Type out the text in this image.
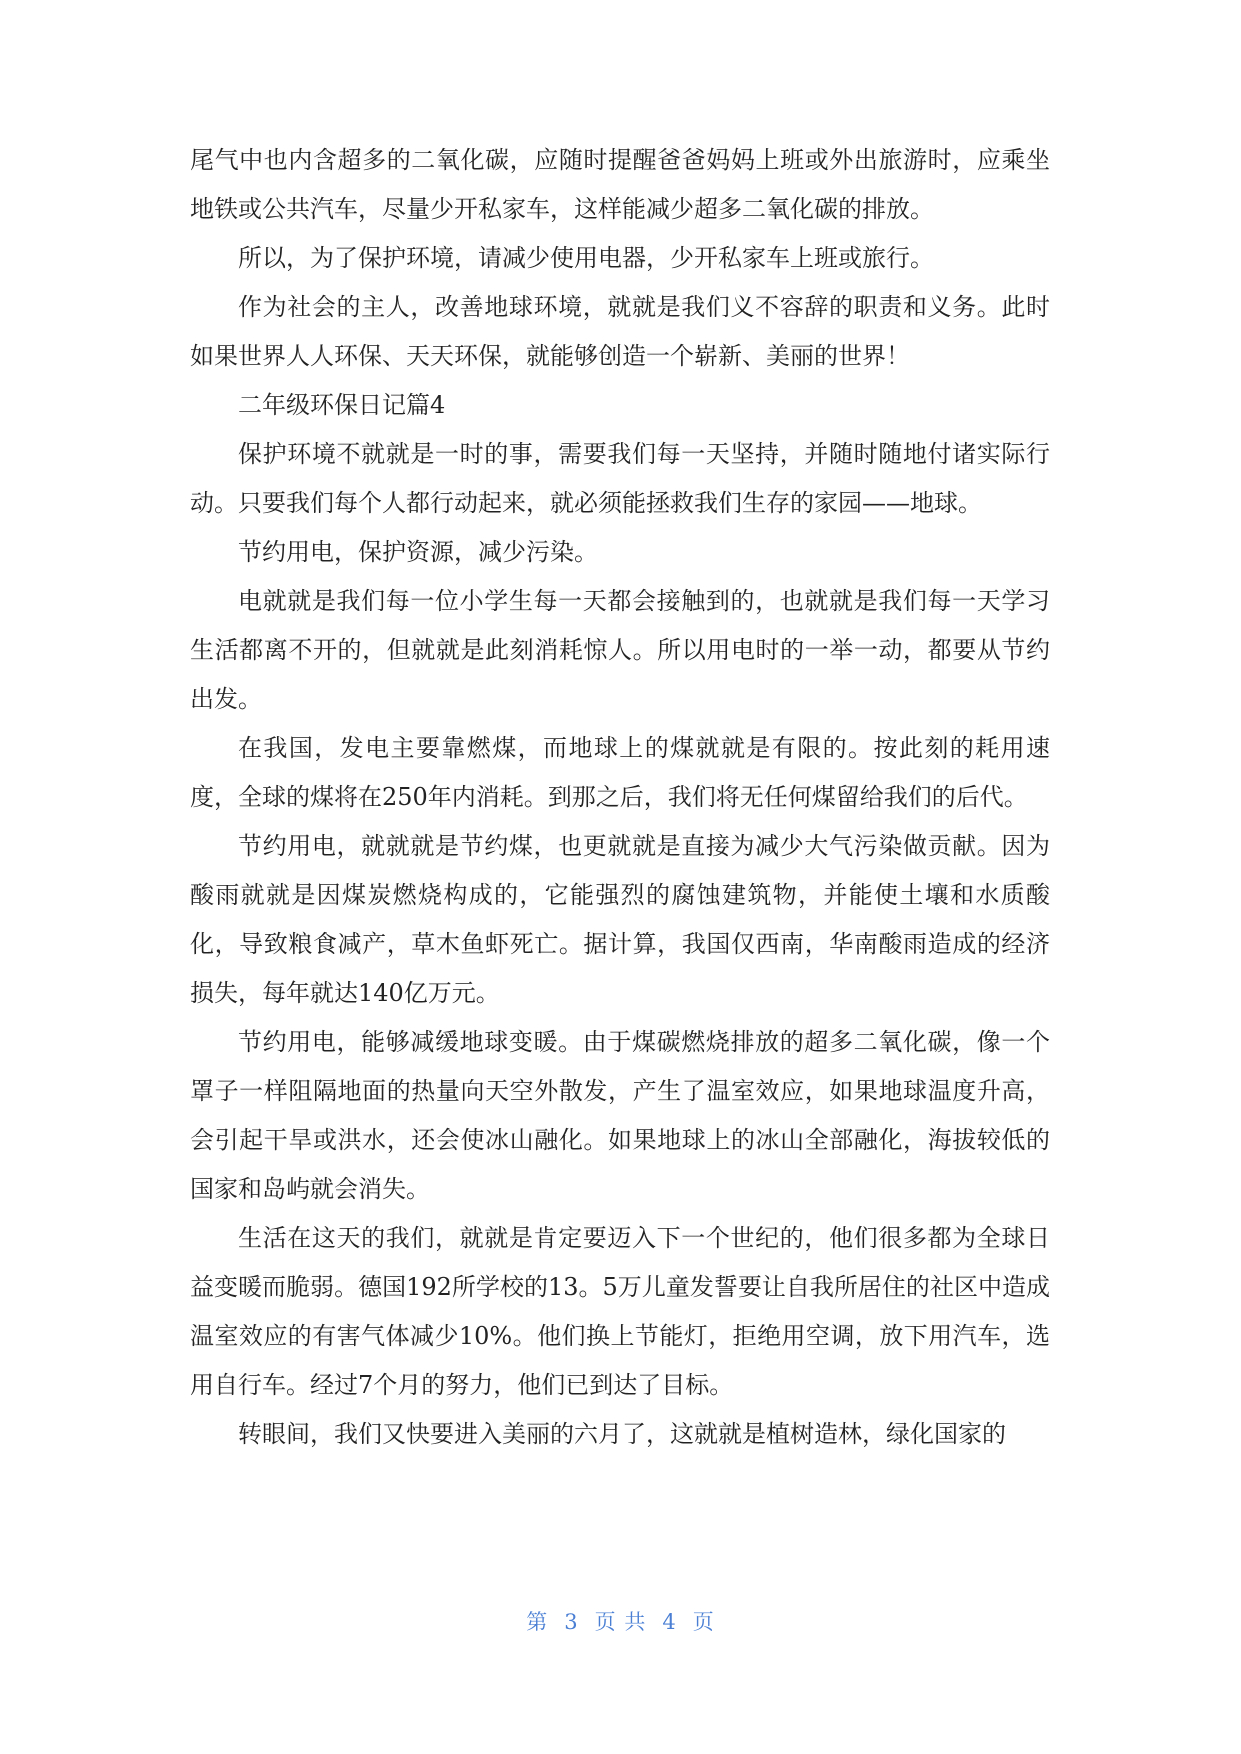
尾气中也内含超多的二氧化碳，应随时提醒爸爸妈妈上班或外出旅游时，应乘坐地铁或公共汽车，尽量少开私家车，这样能减少超多二氧化碳的排放。

所以，为了保护环境，请减少使用电器，少开私家车上班或旅行。

作为社会的主人，改善地球环境，就就是我们义不容辞的职责和义务。此时如果世界人人环保、天天环保，就能够创造一个崭新、美丽的世界！

二年级环保日记篇4

保护环境不就就是一时的事，需要我们每一天坚持，并随时随地付诸实际行动。只要我们每个人都行动起来，就必须能拯救我们生存的家园——地球。

节约用电，保护资源，减少污染。

电就就是我们每一位小学生每一天都会接触到的，也就就是我们每一天学习生活都离不开的，但就就是此刻消耗惊人。所以用电时的一举一动，都要从节约出发。

在我国，发电主要靠燃煤，而地球上的煤就就是有限的。按此刻的耗用速度，全球的煤将在250年内消耗。到那之后，我们将无任何煤留给我们的后代。

节约用电，就就就是节约煤，也更就就是直接为减少大气污染做贡献。因为酸雨就就是因煤炭燃烧构成的，它能强烈的腐蚀建筑物，并能使土壤和水质酸化，导致粮食减产，草木鱼虾死亡。据计算，我国仅西南，华南酸雨造成的经济损失，每年就达140亿万元。

节约用电，能够减缓地球变暖。由于煤碳燃烧排放的超多二氧化碳，像一个罩子一样阻隔地面的热量向天空外散发，产生了温室效应，如果地球温度升高，会引起干旱或洪水，还会使冰山融化。如果地球上的冰山全部融化，海拔较低的国家和岛屿就会消失。

生活在这天的我们，就就是肯定要迈入下一个世纪的，他们很多都为全球日益变暖而脆弱。德国192所学校的13。5万儿童发誓要让自我所居住的社区中造成温室效应的有害气体减少10%。他们换上节能灯，拒绝用空调，放下用汽车，选用自行车。经过7个月的努力，他们已到达了目标。

转眼间，我们又快要进入美丽的六月了，这就就是植树造林，绿化国家的

第 3 页 共 4 页
